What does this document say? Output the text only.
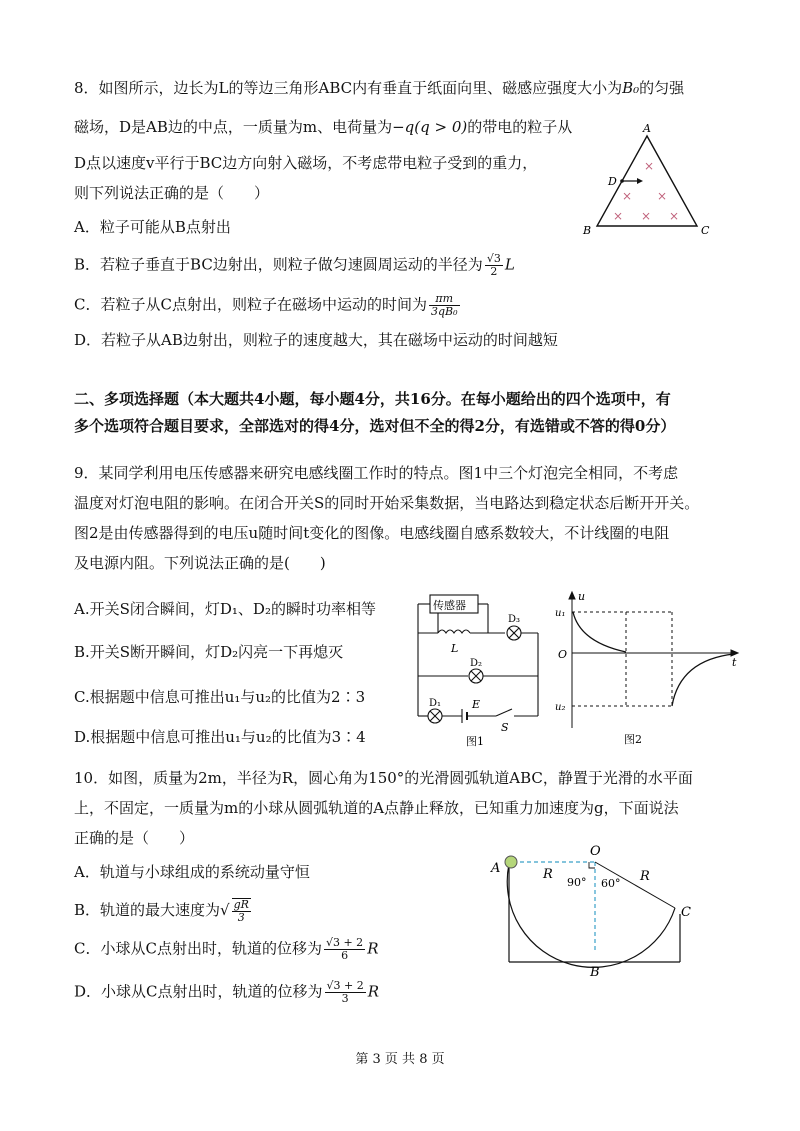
8．如图所示，边长为L的等边三角形ABC内有垂直于纸面向里、磁感应强度大小为B₀的匀强
磁场，D是AB边的中点，一质量为m、电荷量为−q(q > 0)的带电的粒子从
D点以速度v平行于BC边方向射入磁场，不考虑带电粒子受到的重力，
则下列说法正确的是（　　）
A．粒子可能从B点射出
B．若粒子垂直于BC边射出，则粒子做匀速圆周运动的半径为 $\frac{√3}{2}$ L
C．若粒子从C点射出，则粒子在磁场中运动的时间为 $\frac{\pi m}{\text{3qB₀}}$
D．若粒子从AB边射出，则粒子的速度越大，其在磁场中运动的时间越短
A
B	C
D
×
× ×
× × ×
二、多项选择题（本大题共4小题，每小题4分，共16分。在每小题给出的四个选项中，有
多个选项符合题目要求，全部选对的得4分，选对但不全的得2分，有选错或不答的得0分）
9．某同学利用电压传感器来研究电感线圈工作时的特点。图1中三个灯泡完全相同，不考虑
温度对灯泡电阻的影响。在闭合开关S的同时开始采集数据，当电路达到稳定状态后断开开关。
图2是由传感器得到的电压u随时间t变化的图像。电感线圈自感系数较大，不计线圈的电阻
及电源内阻。下列说法正确的是(　　)
A.开关S闭合瞬间，灯D₁、D₂的瞬时功率相等
B.开关S断开瞬间，灯D₂闪亮一下再熄灭
C.根据题中信息可推出u₁与u₂的比值为2∶3
D.根据题中信息可推出u₁与u₂的比值为3∶4
传感器
L
D₃
D₂
D₁	E
S
图1
u
u₁
O
t
u₂
图2
10．如图，质量为2m，半径为R，圆心角为150°的光滑圆弧轨道ABC，静置于光滑的水平面
上，不固定，一质量为m的小球从圆弧轨道的A点静止释放，已知重力加速度为g，下面说法
正确的是（　　）
A．轨道与小球组成的系统动量守恒
B．轨道的最大速度为√ $\frac{gR}{3}$
C．小球从C点射出时，轨道的位移为 $\frac{√3 + 2}{6}$ R
D．小球从C点射出时，轨道的位移为 $\frac{√3 + 2}{3}$ R
A
O
B
C
R	R
90° 60°
第 3 页 共 8 页
